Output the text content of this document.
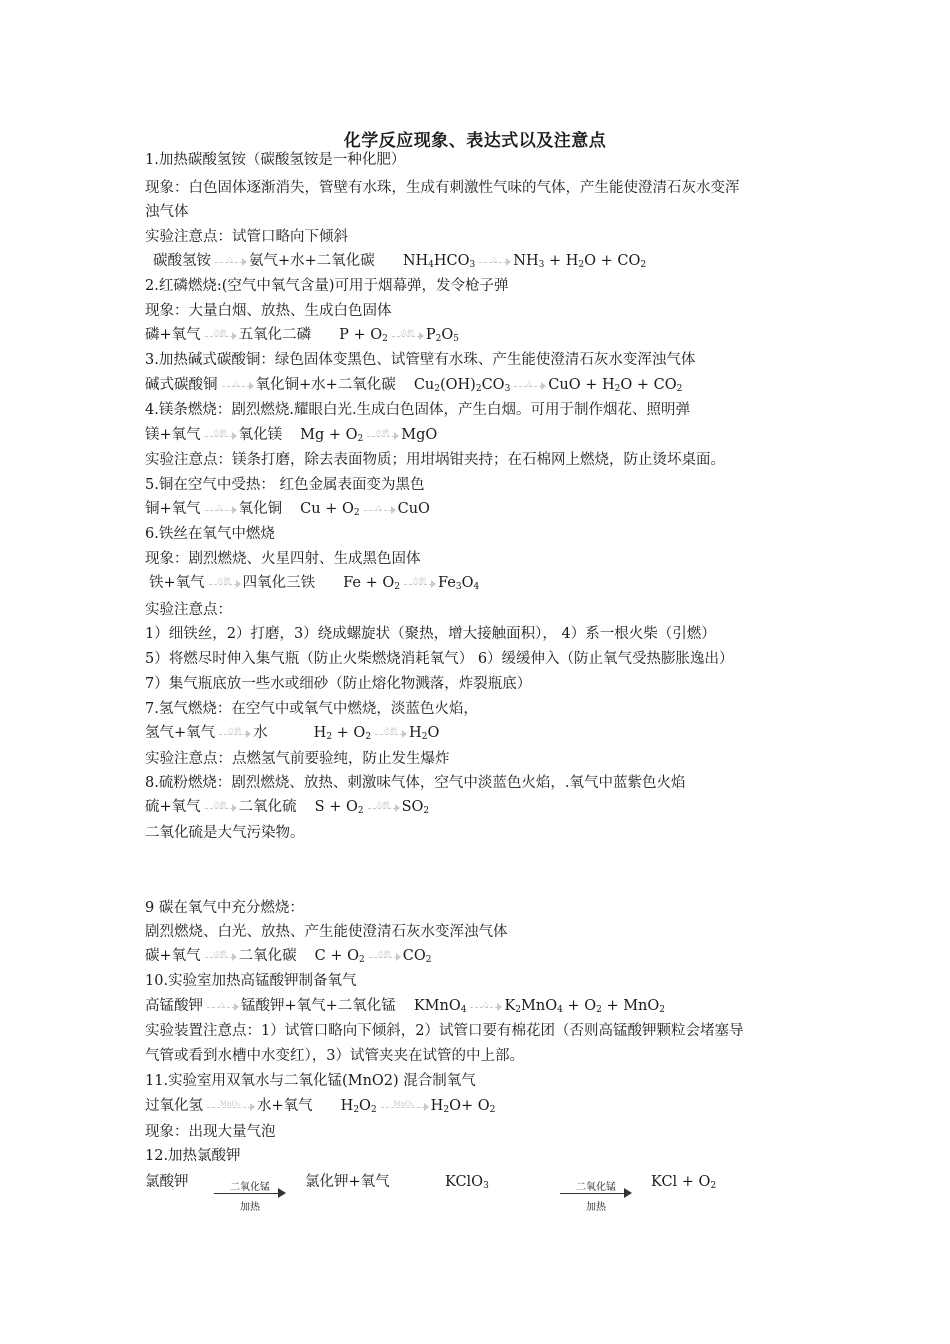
化学反应现象、表达式以及注意点
1.加热碳酸氢铵（碳酸氢铵是一种化肥）
现象：白色固体逐渐消失，管壁有水珠，生成有刺激性气味的气体，产生能使澄清石灰水变浑
浊气体
实验注意点：试管口略向下倾斜
碳酸氢铵	△	氨气+水+二氧化碳 $NH_4HCO_3$
△	$NH_3 + H_2O + CO_2$
2.红磷燃烧:(空气中氧气含量)可用于烟幕弹，发令枪子弹
现象：大量白烟、放热、生成白色固体
磷+氧气	点燃 五氧化二磷 $P + O_2$
点燃 $P_2O_5$
3.加热碱式碳酸铜：绿色固体变黑色、试管壁有水珠、产生能使澄清石灰水变浑浊气体
碱式碳酸铜	△	氧化铜+水+二氧化碳 $Cu_2(OH)_2CO_3$
△	CuO + $H_2O + CO_2$
4.镁条燃烧：剧烈燃烧.耀眼白光.生成白色固体，产生白烟。可用于制作烟花、照明弹
镁+氧气	点燃 氧化镁 $Mg + O_2$
点燃 MgO
实验注意点：镁条打磨，除去表面物质；用坩埚钳夹持；在石棉网上燃烧，防止烫坏桌面。
5.铜在空气中受热： 红色金属表面变为黑色
铜+氧气	△	氧化铜 $Cu + O_2$
△	CuO
6.铁丝在氧气中燃烧
现象：剧烈燃烧、火星四射、生成黑色固体
铁+氧气	点燃 四氧化三铁 $Fe + O_2$
点燃 $Fe_3O_4$
实验注意点：
1）细铁丝，2）打磨，3）绕成螺旋状（聚热，增大接触面积）， 4）系一根火柴（引燃）
5）将燃尽时伸入集气瓶（防止火柴燃烧消耗氧气） 6）缓缓伸入（防止氧气受热膨胀逸出）
7）集气瓶底放一些水或细砂（防止熔化物溅落，炸裂瓶底）
7.氢气燃烧：在空气中或氧气中燃烧，淡蓝色火焰，
氢气+氧气	点燃 水	$H_2 + O_2$
点燃 $H_2O$
实验注意点：点燃氢气前要验纯，防止发生爆炸
8.硫粉燃烧：剧烈燃烧、放热、刺激味气体，空气中淡蓝色火焰，.氧气中蓝紫色火焰
硫+氧气	点燃 二氧化硫 $S + O_2$
点燃 $SO_2$
二氧化硫是大气污染物。
9 碳在氧气中充分燃烧：
剧烈燃烧、白光、放热、产生能使澄清石灰水变浑浊气体
碳+氧气	点燃 二氧化碳 $C + O_2$
点燃 $CO_2$
10.实验室加热高锰酸钾制备氧气
高锰酸钾	△	锰酸钾+氧气+二氧化锰 KMnO$_4$
△	$K_2MnO_4 + O_2 + MnO_2$
实验装置注意点：1）试管口略向下倾斜，2）试管口要有棉花团（否则高锰酸钾颗粒会堵塞导
气管或看到水槽中水变红），3）试管夹夹在试管的中上部。
11.实验室用双氧水与二氧化锰(MnO2) 混合制氧气
过氧化氢	MnO₂	水+氧气 $H_2O_2$
MnO₂	$H_2O+ O_2$
现象：出现大量气泡
12.加热氯酸钾
氯酸钾	二氧化锰
加热
氯化钾+氧气	KClO$_3$	二氧化锰
加热
KCl + $O_2$
